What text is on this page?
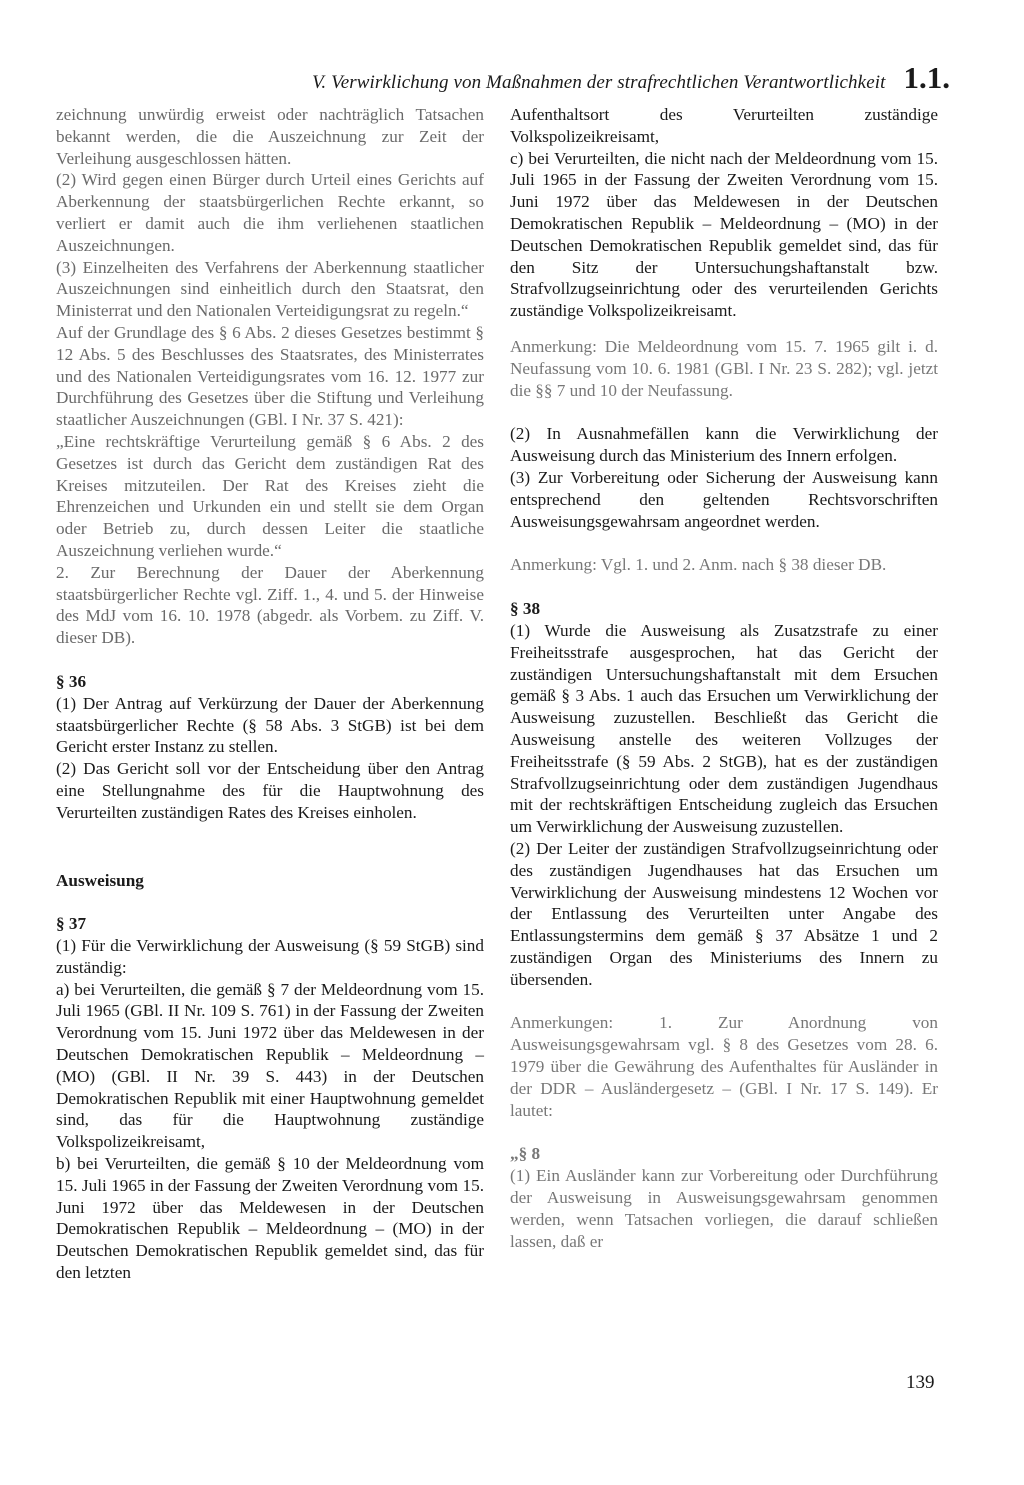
V. Verwirklichung von Maßnahmen der strafrechtlichen Verantwortlichkeit 1.1.

zeichnung unwürdig erweist oder nachträglich Tatsachen bekannt werden, die die Auszeichnung zur Zeit der Verleihung ausgeschlossen hätten.

(2) Wird gegen einen Bürger durch Urteil eines Gerichts auf Aberkennung der staatsbürgerlichen Rechte erkannt, so verliert er damit auch die ihm verliehenen staatlichen Auszeichnungen.

(3) Einzelheiten des Verfahrens der Aberkennung staatlicher Auszeichnungen sind einheitlich durch den Staatsrat, den Ministerrat und den Nationalen Verteidigungsrat zu regeln.“

Auf der Grundlage des § 6 Abs. 2 dieses Gesetzes bestimmt § 12 Abs. 5 des Beschlusses des Staatsrates, des Ministerrates und des Nationalen Verteidigungsrates vom 16. 12. 1977 zur Durchführung des Gesetzes über die Stiftung und Verleihung staatlicher Auszeichnungen (GBl. I Nr. 37 S. 421):

„Eine rechtskräftige Verurteilung gemäß § 6 Abs. 2 des Gesetzes ist durch das Gericht dem zuständigen Rat des Kreises mitzuteilen. Der Rat des Kreises zieht die Ehrenzeichen und Urkunden ein und stellt sie dem Organ oder Betrieb zu, durch dessen Leiter die staatliche Auszeichnung verliehen wurde.“

2. Zur Berechnung der Dauer der Aberkennung staatsbürgerlicher Rechte vgl. Ziff. 1., 4. und 5. der Hinweise des MdJ vom 16. 10. 1978 (abgedr. als Vorbem. zu Ziff. V. dieser DB).

§ 36

(1) Der Antrag auf Verkürzung der Dauer der Aberkennung staatsbürgerlicher Rechte (§ 58 Abs. 3 StGB) ist bei dem Gericht erster Instanz zu stellen.

(2) Das Gericht soll vor der Entscheidung über den Antrag eine Stellungnahme des für die Hauptwohnung des Verurteilten zuständigen Rates des Kreises einholen.

Ausweisung

§ 37

(1) Für die Verwirklichung der Ausweisung (§ 59 StGB) sind zuständig:

a) bei Verurteilten, die gemäß § 7 der Meldeordnung vom 15. Juli 1965 (GBl. II Nr. 109 S. 761) in der Fassung der Zweiten Verordnung vom 15. Juni 1972 über das Meldewesen in der Deutschen Demokratischen Republik – Meldeordnung – (MO) (GBl. II Nr. 39 S. 443) in der Deutschen Demokratischen Republik mit einer Hauptwohnung gemeldet sind, das für die Hauptwohnung zuständige Volkspolizeikreisamt,

b) bei Verurteilten, die gemäß § 10 der Meldeordnung vom 15. Juli 1965 in der Fassung der Zweiten Verordnung vom 15. Juni 1972 über das Meldewesen in der Deutschen Demokratischen Republik – Meldeordnung – (MO) in der Deutschen Demokratischen Republik gemeldet sind, das für den letzten

Aufenthaltsort des Verurteilten zuständige Volkspolizeikreisamt,

c) bei Verurteilten, die nicht nach der Meldeordnung vom 15. Juli 1965 in der Fassung der Zweiten Verordnung vom 15. Juni 1972 über das Meldewesen in der Deutschen Demokratischen Republik – Meldeordnung – (MO) in der Deutschen Demokratischen Republik gemeldet sind, das für den Sitz der Untersuchungshaftanstalt bzw. Strafvollzugseinrichtung oder des verurteilenden Gerichts zuständige Volkspolizeikreisamt.

Anmerkung: Die Meldeordnung vom 15. 7. 1965 gilt i. d. Neufassung vom 10. 6. 1981 (GBl. I Nr. 23 S. 282); vgl. jetzt die §§ 7 und 10 der Neufassung.

(2) In Ausnahmefällen kann die Verwirklichung der Ausweisung durch das Ministerium des Innern erfolgen.

(3) Zur Vorbereitung oder Sicherung der Ausweisung kann entsprechend den geltenden Rechtsvorschriften Ausweisungsgewahrsam angeordnet werden.

Anmerkung: Vgl. 1. und 2. Anm. nach § 38 dieser DB.

§ 38

(1) Wurde die Ausweisung als Zusatzstrafe zu einer Freiheitsstrafe ausgesprochen, hat das Gericht der zuständigen Untersuchungshaftanstalt mit dem Ersuchen gemäß § 3 Abs. 1 auch das Ersuchen um Verwirklichung der Ausweisung zuzustellen. Beschließt das Gericht die Ausweisung anstelle des weiteren Vollzuges der Freiheitsstrafe (§ 59 Abs. 2 StGB), hat es der zuständigen Strafvollzugseinrichtung oder dem zuständigen Jugendhaus mit der rechtskräftigen Entscheidung zugleich das Ersuchen um Verwirklichung der Ausweisung zuzustellen.

(2) Der Leiter der zuständigen Strafvollzugseinrichtung oder des zuständigen Jugendhauses hat das Ersuchen um Verwirklichung der Ausweisung mindestens 12 Wochen vor der Entlassung des Verurteilten unter Angabe des Entlassungstermins dem gemäß § 37 Absätze 1 und 2 zuständigen Organ des Ministeriums des Innern zu übersenden.

Anmerkungen: 1. Zur Anordnung von Ausweisungsgewahrsam vgl. § 8 des Gesetzes vom 28. 6. 1979 über die Gewährung des Aufenthaltes für Ausländer in der DDR – Ausländergesetz – (GBl. I Nr. 17 S. 149). Er lautet:

„§ 8

(1) Ein Ausländer kann zur Vorbereitung oder Durchführung der Ausweisung in Ausweisungsgewahrsam genommen werden, wenn Tatsachen vorliegen, die darauf schließen lassen, daß er

139
